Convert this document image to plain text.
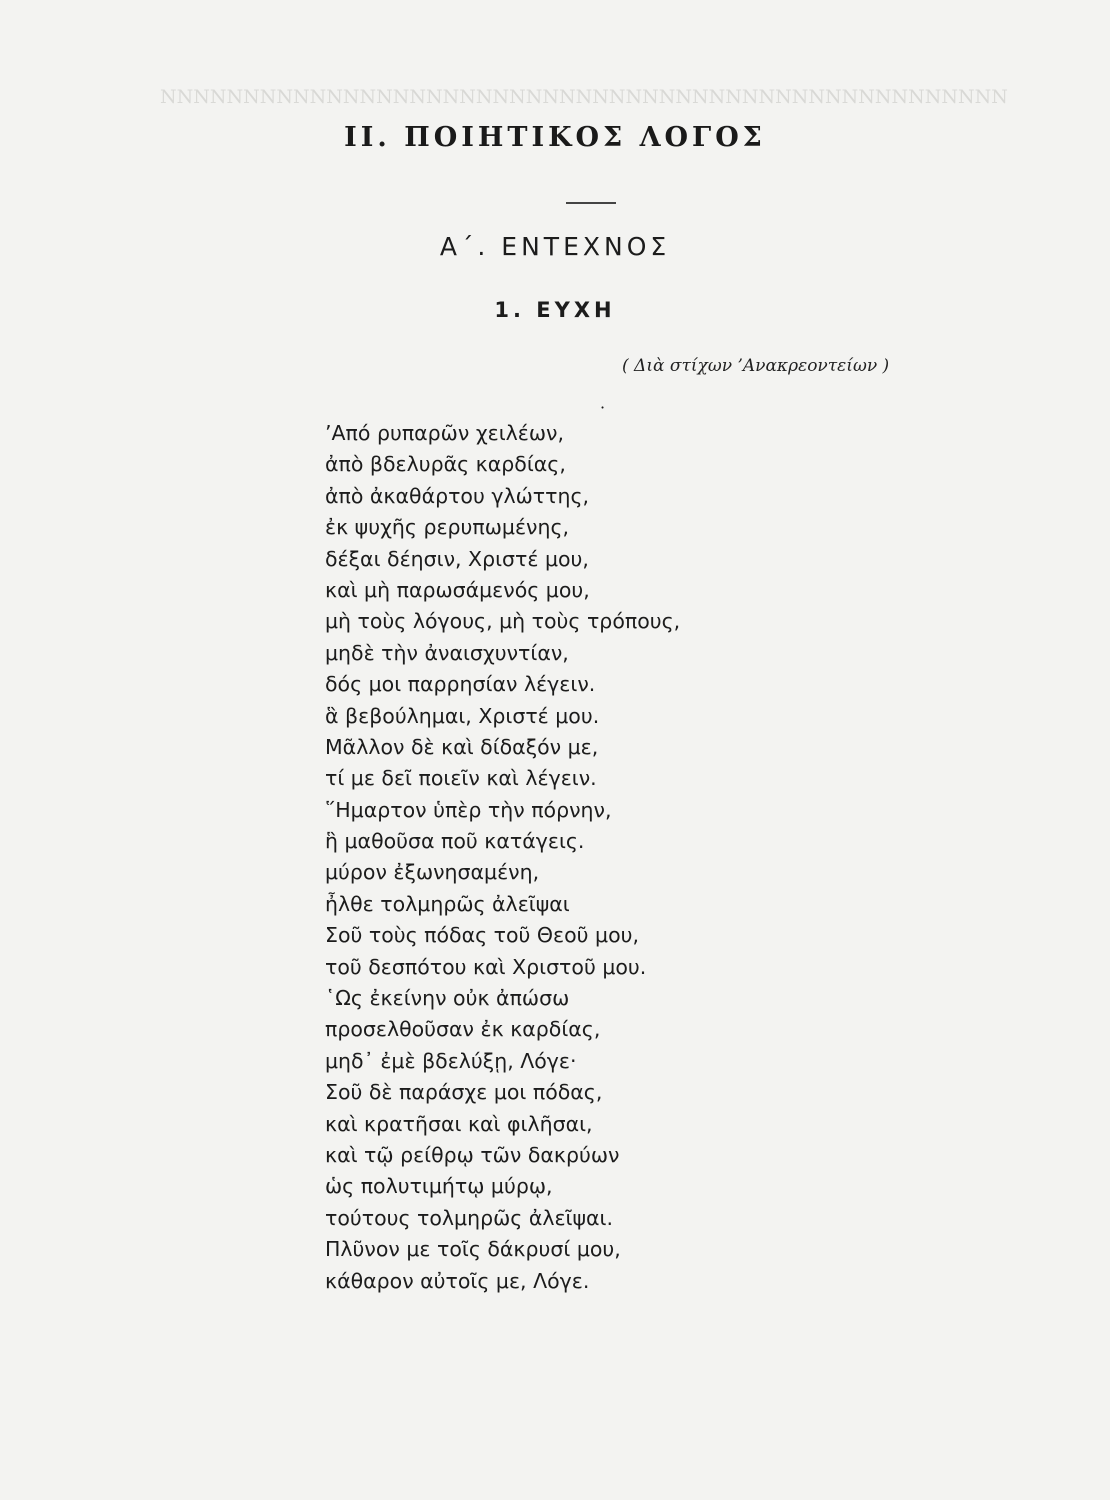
ΝΝΝΝΝΝΝΝΝΝΝΝΝΝΝΝΝΝΝΝΝΝΝΝΝΝΝΝΝΝΝΝΝΝΝΝΝΝΝΝΝΝΝΝΝΝΝΝΝΝΝ
ΙΙ. ΠΟΙΗΤΙΚΟΣ ΛΟΓΟΣ
Α΄. ΕΝΤΕΧΝΟΣ
1. ΕΥΧΗ
( Διὰ στίχων ’Ανακρεοντείων )
·
’Από ρυπαρῶν χειλέων,
ἀπὸ βδελυρᾶς καρδίας,
ἀπὸ ἀκαθάρτου γλώττης,
ἐκ ψυχῆς ρερυπωμένης,
δέξαι δέησιν, Χριστέ μου,
καὶ μὴ παρωσάμενός μου,
μὴ τοὺς λόγους, μὴ τοὺς τρόπους,
μηδὲ τὴν ἀναισχυντίαν,
δός μοι παρρησίαν λέγειν.
ἃ βεβούλημαι, Χριστέ μου.
Μᾶλλον δὲ καὶ δίδαξόν με,
τί με δεῖ ποιεῖν καὶ λέγειν.
῞Ημαρτον ὑπὲρ τὴν πόρνην,
ἣ μαθοῦσα ποῦ κατάγεις.
μύρον ἐξωνησαμένη,
ἦλθε τολμηρῶς ἀλεῖψαι
Σοῦ τοὺς πόδας τοῦ Θεοῦ μου,
τοῦ δεσπότου καὶ Χριστοῦ μου.
῾Ως ἐκείνην οὐκ ἀπώσω
προσελθοῦσαν ἐκ καρδίας,
μηδ᾽ ἐμὲ βδελύξῃ, Λόγε·
Σοῦ δὲ παράσχε μοι πόδας,
καὶ κρατῆσαι καὶ φιλῆσαι,
καὶ τῷ ρείθρῳ τῶν δακρύων
ὡς πολυτιμήτῳ μύρῳ,
τούτους τολμηρῶς ἀλεῖψαι.
Πλῦνον με τοῖς δάκρυσί μου,
κάθαρον αὐτοῖς με, Λόγε.
